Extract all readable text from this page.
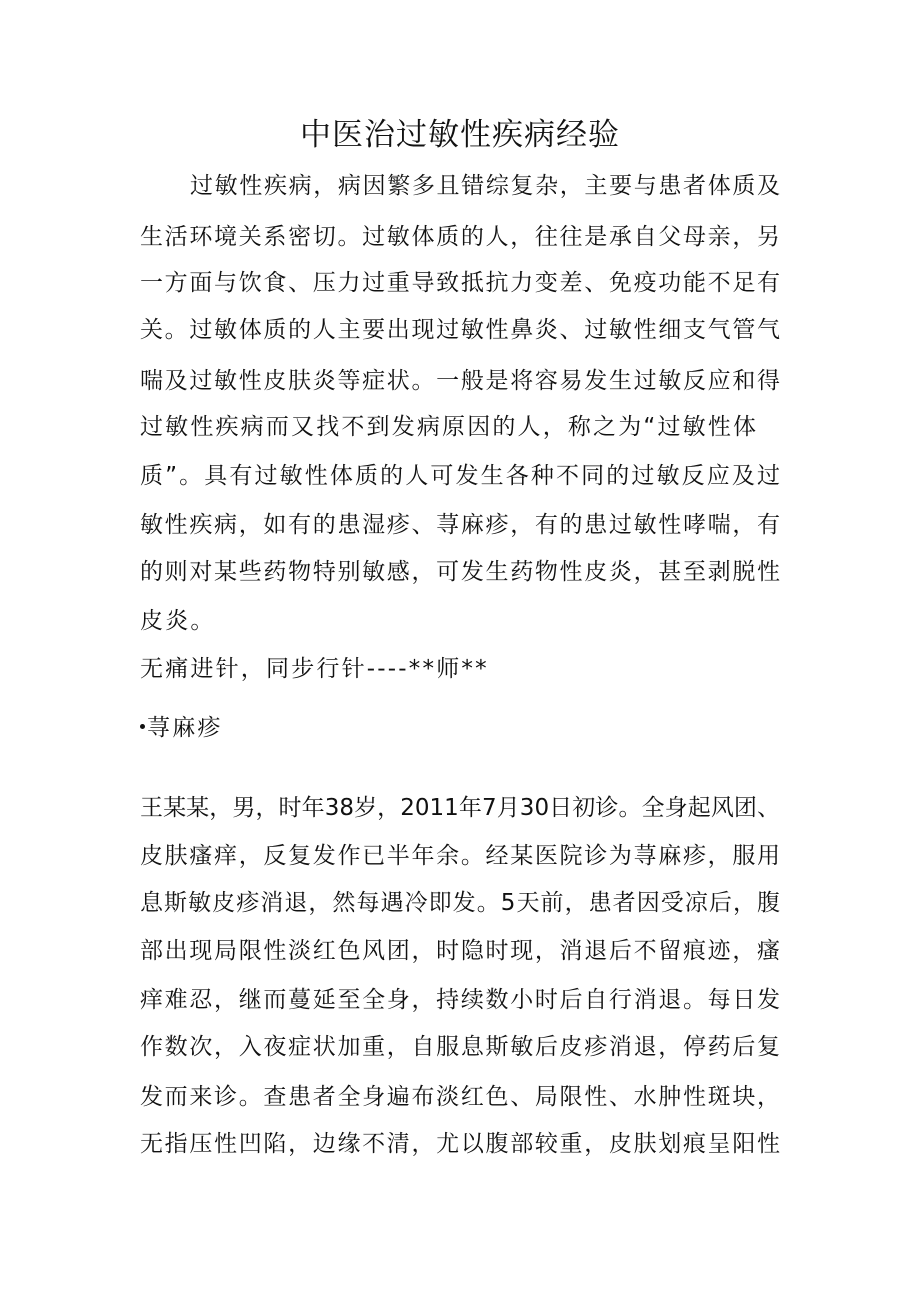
中医治过敏性疾病经验
过敏性疾病，病因繁多且错综复杂，主要与患者体质及
生活环境关系密切。过敏体质的人，往往是承自父母亲，另
一方面与饮食、压力过重导致抵抗力变差、免疫功能不足有
关。过敏体质的人主要出现过敏性鼻炎、过敏性细支气管气
喘及过敏性皮肤炎等症状。一般是将容易发生过敏反应和得
过敏性疾病而又找不到发病原因的人，称之为“过敏性体
质”。具有过敏性体质的人可发生各种不同的过敏反应及过
敏性疾病，如有的患湿疹、荨麻疹，有的患过敏性哮喘，有
的则对某些药物特别敏感，可发生药物性皮炎，甚至剥脱性
皮炎。
无痛进针，同步行针----**师**
荨麻疹
王某某，男，时年38岁，2011年7月30日初诊。全身起风团、
皮肤瘙痒，反复发作已半年余。经某医院诊为荨麻疹，服用
息斯敏皮疹消退，然每遇冷即发。5天前，患者因受凉后，腹
部出现局限性淡红色风团，时隐时现，消退后不留痕迹，瘙
痒难忍，继而蔓延至全身，持续数小时后自行消退。每日发
作数次，入夜症状加重，自服息斯敏后皮疹消退，停药后复
发而来诊。查患者全身遍布淡红色、局限性、水肿性斑块，
无指压性凹陷，边缘不清，尤以腹部较重，皮肤划痕呈阳性
